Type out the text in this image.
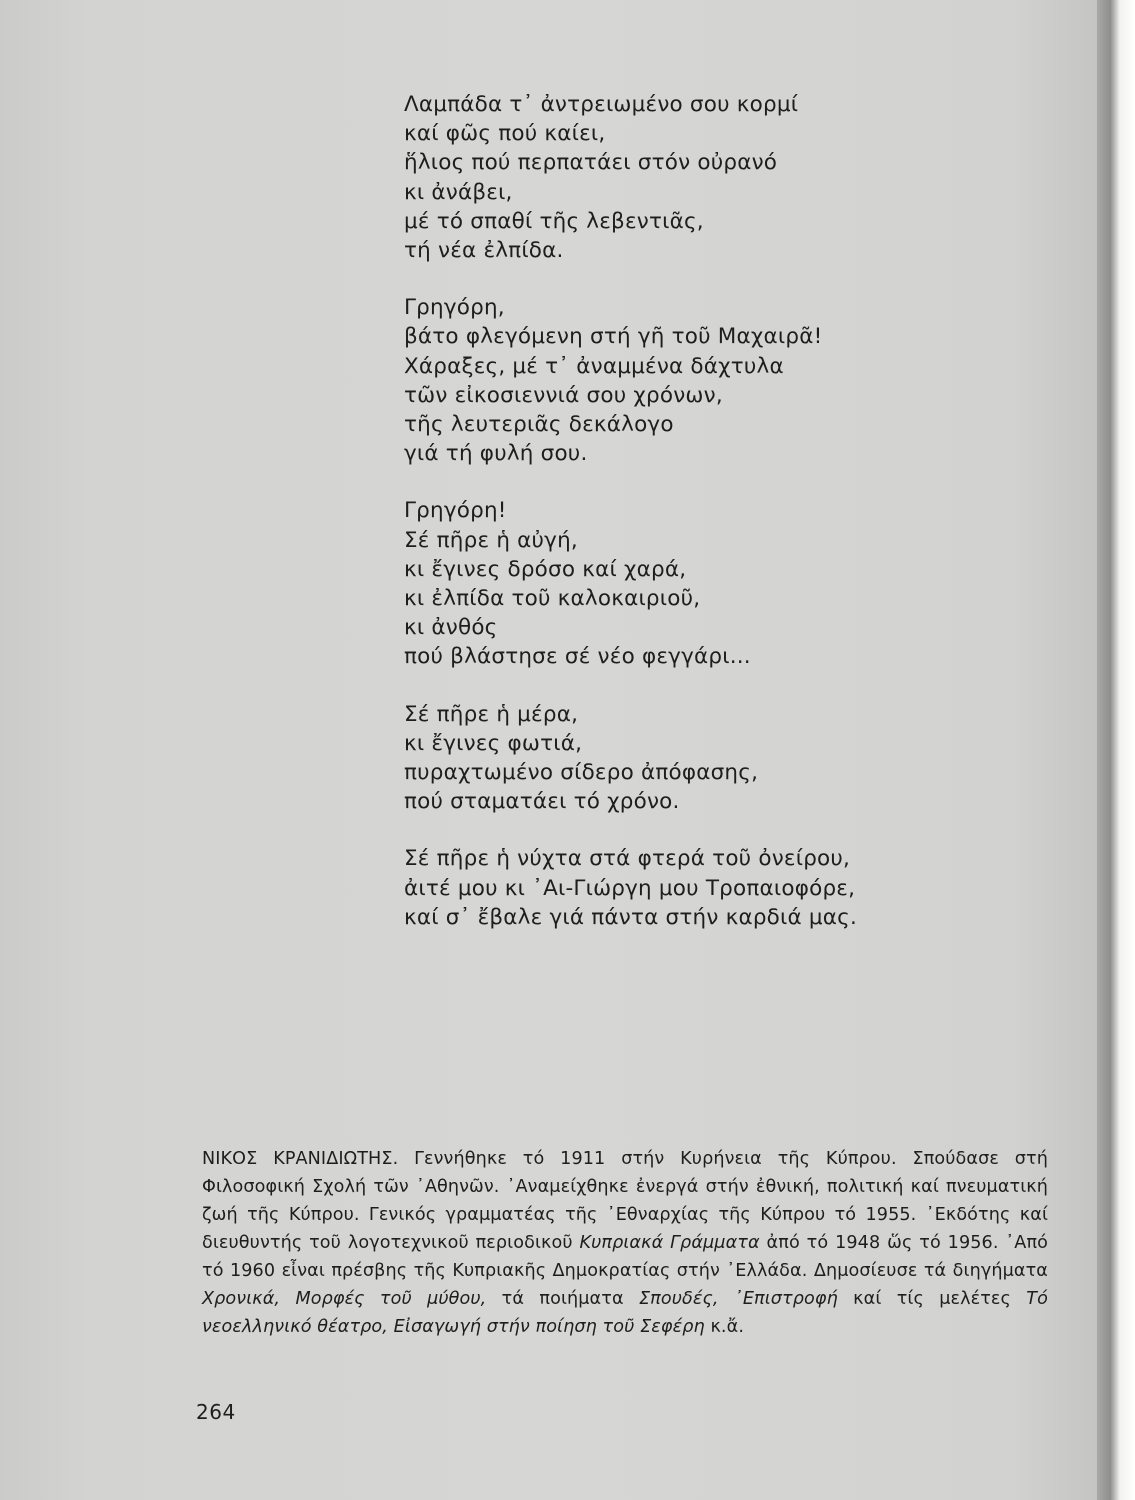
Λαμπάδα τ᾽ ἀντρειωμένο σου κορμί
καί φῶς πού καίει,
ἥλιος πού περπατάει στόν οὐρανό
κι ἀνάβει,
μέ τό σπαθί τῆς λεβεντιᾶς,
τή νέα ἐλπίδα.
Γρηγόρη,
βάτο φλεγόμενη στή γῆ τοῦ Μαχαιρᾶ!
Χάραξες, μέ τ᾽ ἀναμμένα δάχτυλα
τῶν εἰκοσιεννιά σου χρόνων,
τῆς λευτεριᾶς δεκάλογο
γιά τή φυλή σου.
Γρηγόρη!
Σέ πῆρε ἡ αὐγή,
κι ἔγινες δρόσο καί χαρά,
κι ἐλπίδα τοῦ καλοκαιριοῦ,
κι ἀνθός
πού βλάστησε σέ νέο φεγγάρι...
Σέ πῆρε ἡ μέρα,
κι ἔγινες φωτιά,
πυραχτωμένο σίδερο ἀπόφασης,
πού σταματάει τό χρόνο.
Σέ πῆρε ἡ νύχτα στά φτερά τοῦ ὀνείρου,
ἀιτέ μου κι ᾽Αι-Γιώργη μου Τροπαιοφόρε,
καί σ᾽ ἔβαλε γιά πάντα στήν καρδιά μας.

ΝΙΚΟΣ ΚΡΑΝΙΔΙΩΤΗΣ. Γεννήθηκε τό 1911 στήν Κυρήνεια τῆς Κύπρου. Σπούδασε στή Φιλοσοφική Σχολή τῶν ᾽Αθηνῶν. ᾽Αναμείχθηκε ἐνεργά στήν ἐθνική, πολιτική καί πνευματική ζωή τῆς Κύπρου. Γενικός γραμματέας τῆς ᾽Εθναρχίας τῆς Κύπρου τό 1955. ᾽Εκδότης καί διευθυντής τοῦ λογοτεχνικοῦ περιοδικοῦ Κυπριακά Γράμματα ἀπό τό 1948 ὥς τό 1956. ᾽Από τό 1960 εἶναι πρέσβης τῆς Κυπριακῆς Δημοκρατίας στήν ᾽Ελλάδα. Δημοσίευσε τά διηγήματα Χρονικά, Μορφές τοῦ μύθου, τά ποιήματα Σπουδές, ᾽Επιστροφή καί τίς μελέτες Τό νεοελληνικό θέατρο, Εἰσαγωγή στήν ποίηση τοῦ Σεφέρη κ.ἄ.

264
